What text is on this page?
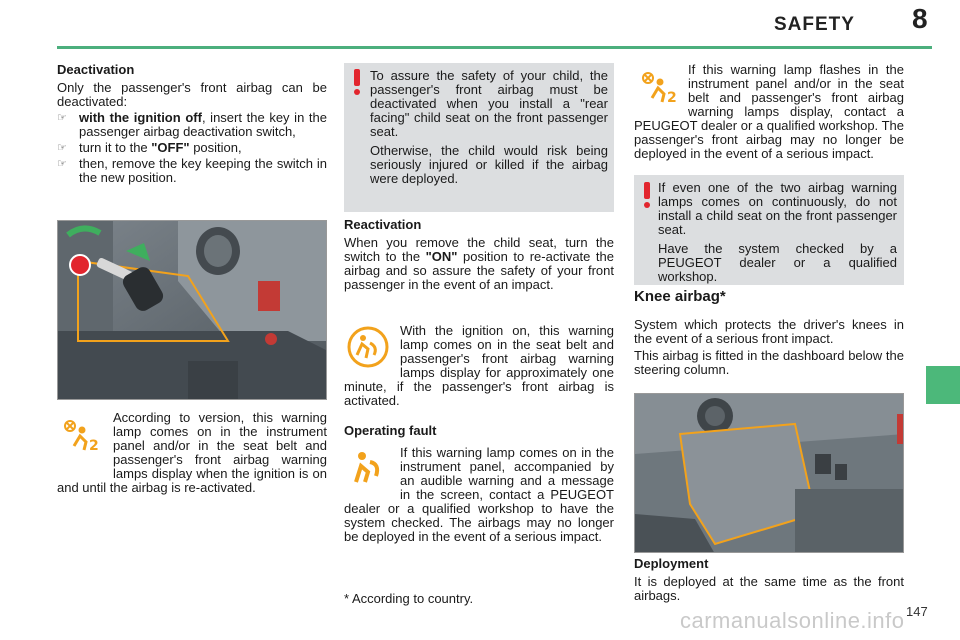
SAFETY 8
Deactivation

Only the passenger's front airbag can be deactivated:

☞ with the ignition off, insert the key in the passenger airbag deactivation switch,

☞ turn it to the "OFF" position,

☞ then, remove the key keeping the switch in the new position.

2

According to version, this warning lamp comes on in the instrument panel and/or in the seat belt and passenger's front airbag warning lamps display when the ignition is on and until the airbag is re-activated.

To assure the safety of your child, the passenger's front airbag must be deactivated when you install a "rear facing" child seat on the front passenger seat.

Otherwise, the child would risk being seriously injured or killed if the airbag were deployed.

Reactivation

When you remove the child seat, turn the switch to the "ON" position to re-activate the airbag and so assure the safety of your front passenger in the event of an impact.

With the ignition on, this warning lamp comes on in the seat belt and passenger's front airbag warning lamps display for approximately one minute, if the passenger's front airbag is activated.

Operating fault

If this warning lamp comes on in the instrument panel, accompanied by an audible warning and a message in the screen, contact a PEUGEOT dealer or a qualified workshop to have the system checked. The airbags may no longer be deployed in the event of a serious impact.

* According to country.
2

If this warning lamp flashes in the instrument panel and/or in the seat belt and passenger's front airbag warning lamps display, contact a PEUGEOT dealer or a qualified workshop. The passenger's front airbag may no longer be deployed in the event of a serious impact.

If even one of the two airbag warning lamps comes on continuously, do not install a child seat on the front passenger seat.

Have the system checked by a PEUGEOT dealer or a qualified workshop.

Knee airbag*

System which protects the driver's knees in the event of a serious front impact.

This airbag is fitted in the dashboard below the steering column.

Deployment

It is deployed at the same time as the front airbags.

147
carmanualsonline.info
